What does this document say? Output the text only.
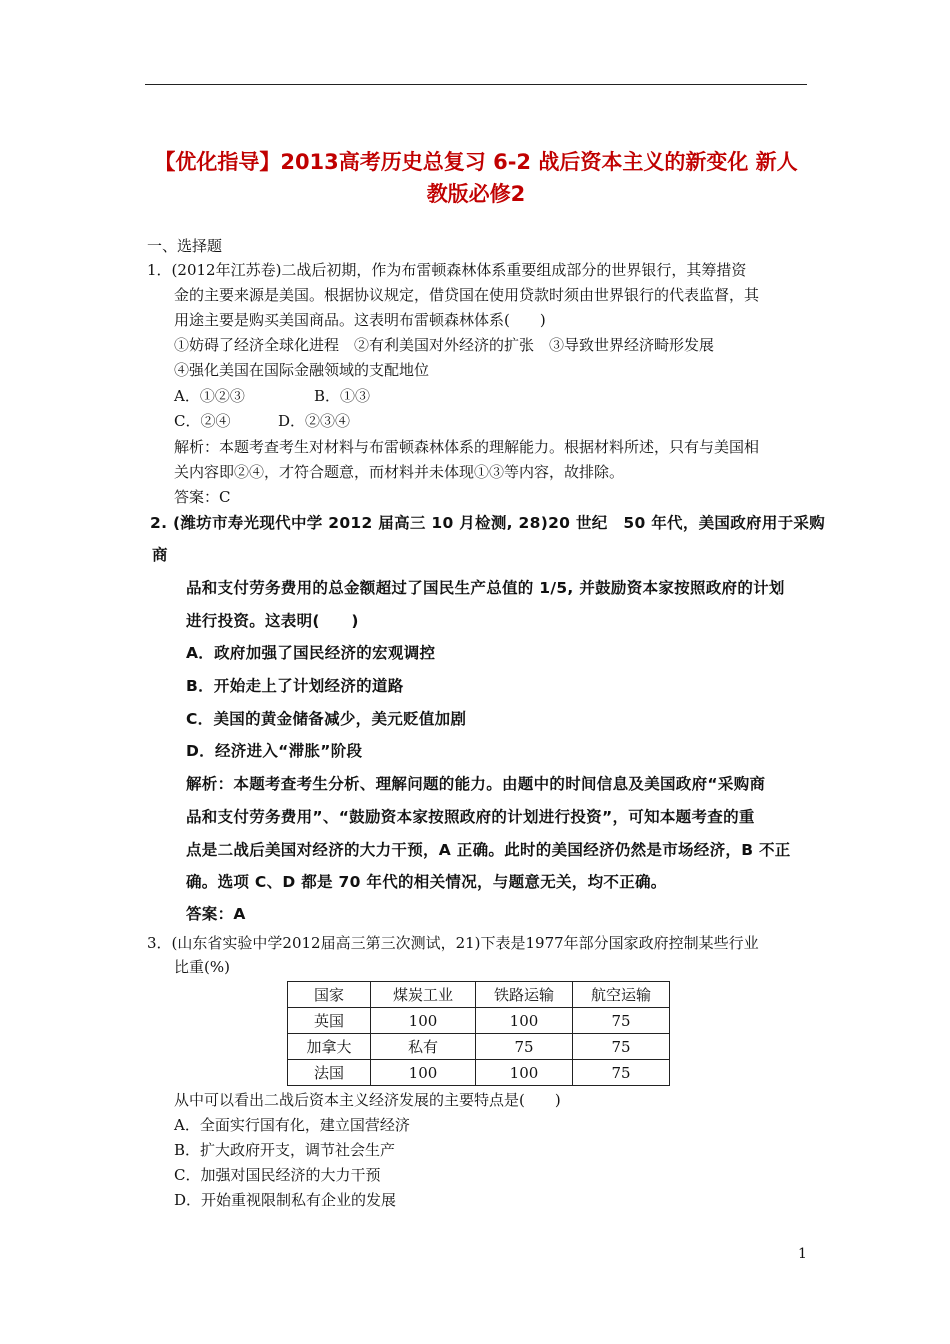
【优化指导】2013高考历史总复习 6-2 战后资本主义的新变化 新人
教版必修2
一、选择题
1．(2012年江苏卷)二战后初期，作为布雷顿森林体系重要组成部分的世界银行，其筹措资
金的主要来源是美国。根据协议规定，借贷国在使用贷款时须由世界银行的代表监督，其
用途主要是购买美国商品。这表明布雷顿森林体系(　　)
①妨碍了经济全球化进程　②有利美国对外经济的扩张　③导致世界经济畸形发展
④强化美国在国际金融领域的支配地位
A．①②③	B．①③
C．②④	D．②③④
解析：本题考查考生对材料与布雷顿森林体系的理解能力。根据材料所述，只有与美国相
关内容即②④，才符合题意，而材料并未体现①③等内容，故排除。
答案：C
2. (潍坊市寿光现代中学 2012 届高三 10 月检测, 28)20 世纪　50 年代，美国政府用于采购
商
品和支付劳务费用的总金额超过了国民生产总值的 1/5, 并鼓励资本家按照政府的计划
进行投资。这表明(　　)
A．政府加强了国民经济的宏观调控
B．开始走上了计划经济的道路
C．美国的黄金储备减少，美元贬值加剧
D．经济进入“滞胀”阶段
解析：本题考查考生分析、理解问题的能力。由题中的时间信息及美国政府“采购商
品和支付劳务费用”、“鼓励资本家按照政府的计划进行投资”，可知本题考查的重
点是二战后美国对经济的大力干预，A 正确。此时的美国经济仍然是市场经济，B 不正
确。选项 C、D 都是 70 年代的相关情况，与题意无关，均不正确。
答案：A
3．(山东省实验中学2012届高三第三次测试，21)下表是1977年部分国家政府控制某些行业
比重(%)
国家	煤炭工业	铁路运输	航空运输
英国	100	100	75
加拿大	私有	75	75
法国	100	100	75
从中可以看出二战后资本主义经济发展的主要特点是(　　)
A．全面实行国有化，建立国营经济
B．扩大政府开支，调节社会生产
C．加强对国民经济的大力干预
D．开始重视限制私有企业的发展
1
